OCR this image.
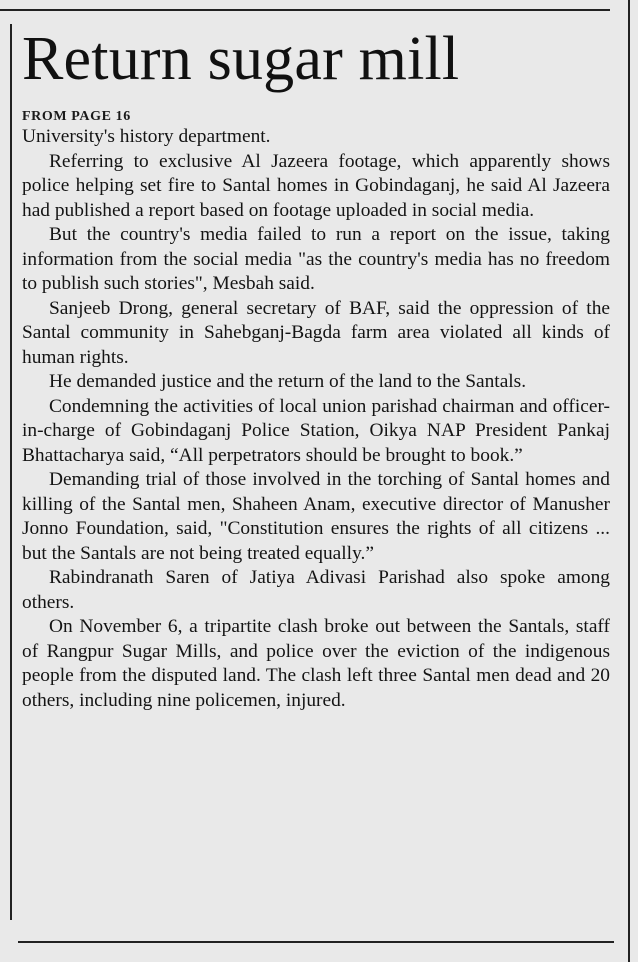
Return sugar mill
FROM PAGE 16

University's history department.

Referring to exclusive Al Jazeera footage, which apparently shows police helping set fire to Santal homes in Gobindaganj, he said Al Jazeera had published a report based on footage uploaded in social media.

But the country's media failed to run a report on the issue, taking information from the social media "as the country's media has no freedom to publish such stories", Mesbah said.

Sanjeeb Drong, general secretary of BAF, said the oppression of the Santal community in Sahebganj-Bagda farm area violated all kinds of human rights.

He demanded justice and the return of the land to the Santals.

Condemning the activities of local union parishad chairman and officer-in-charge of Gobindaganj Police Station, Oikya NAP President Pankaj Bhattacharya said, “All perpetrators should be brought to book.”

Demanding trial of those involved in the torching of Santal homes and killing of the Santal men, Shaheen Anam, executive director of Manusher Jonno Foundation, said, "Constitution ensures the rights of all citizens ... but the Santals are not being treated equally.”

Rabindranath Saren of Jatiya Adivasi Parishad also spoke among others.

On November 6, a tripartite clash broke out between the Santals, staff of Rangpur Sugar Mills, and police over the eviction of the indigenous people from the disputed land. The clash left three Santal men dead and 20 others, including nine policemen, injured.
